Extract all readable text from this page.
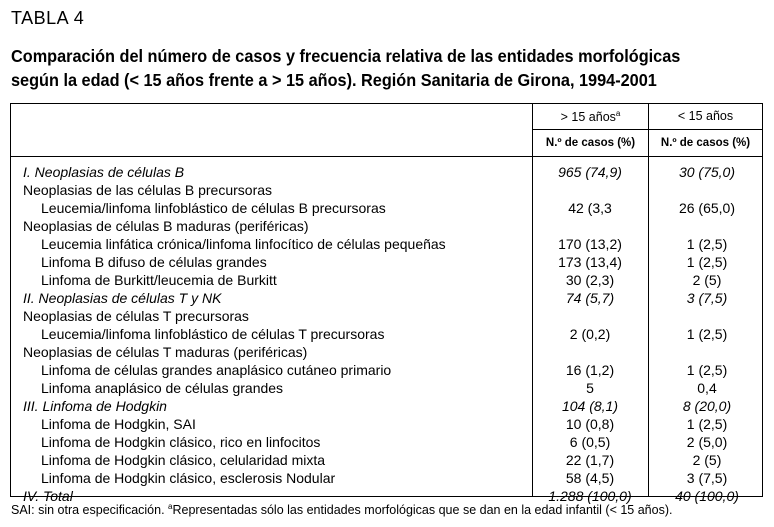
TABLA 4
Comparación del número de casos y frecuencia relativa de las entidades morfológicas
según la edad (< 15 años frente a > 15 años). Región Sanitaria de Girona, 1994-2001
> 15 años$^a$	< 15 años
N.º de casos (%)	N.º de casos (%)
I. Neoplasias de células B	965 (74,9)	30 (75,0)
Neoplasias de las células B precursoras
Leucemia/linfoma linfoblástico de células B precursoras	42 (3,3	26 (65,0)
Neoplasias de células B maduras (periféricas)
Leucemia linfática crónica/linfoma linfocítico de células pequeñas	170 (13,2)	1 (2,5)
Linfoma B difuso de células grandes	173 (13,4)	1 (2,5)
Linfoma de Burkitt/leucemia de Burkitt	30 (2,3)	2 (5)
II. Neoplasias de células T y NK	74 (5,7)	3 (7,5)
Neoplasias de células T precursoras
Leucemia/linfoma linfoblástico de células T precursoras	2 (0,2)	1 (2,5)
Neoplasias de células T maduras (periféricas)
Linfoma de células grandes anaplásico cutáneo primario	16 (1,2)	1 (2,5)
Linfoma anaplásico de células grandes	5	0,4
III. Linfoma de Hodgkin	104 (8,1)	8 (20,0)
Linfoma de Hodgkin, SAI	10 (0,8)	1 (2,5)
Linfoma de Hodgkin clásico, rico en linfocitos	6 (0,5)	2 (5,0)
Linfoma de Hodgkin clásico, celularidad mixta	22 (1,7)	2 (5)
Linfoma de Hodgkin clásico, esclerosis Nodular	58 (4,5)	3 (7,5)
IV. Total	1.288 (100,0)	40 (100,0)
SAI: sin otra especificación. $^a$Representadas sólo las entidades morfológicas que se dan en la edad infantil (< 15 años).
